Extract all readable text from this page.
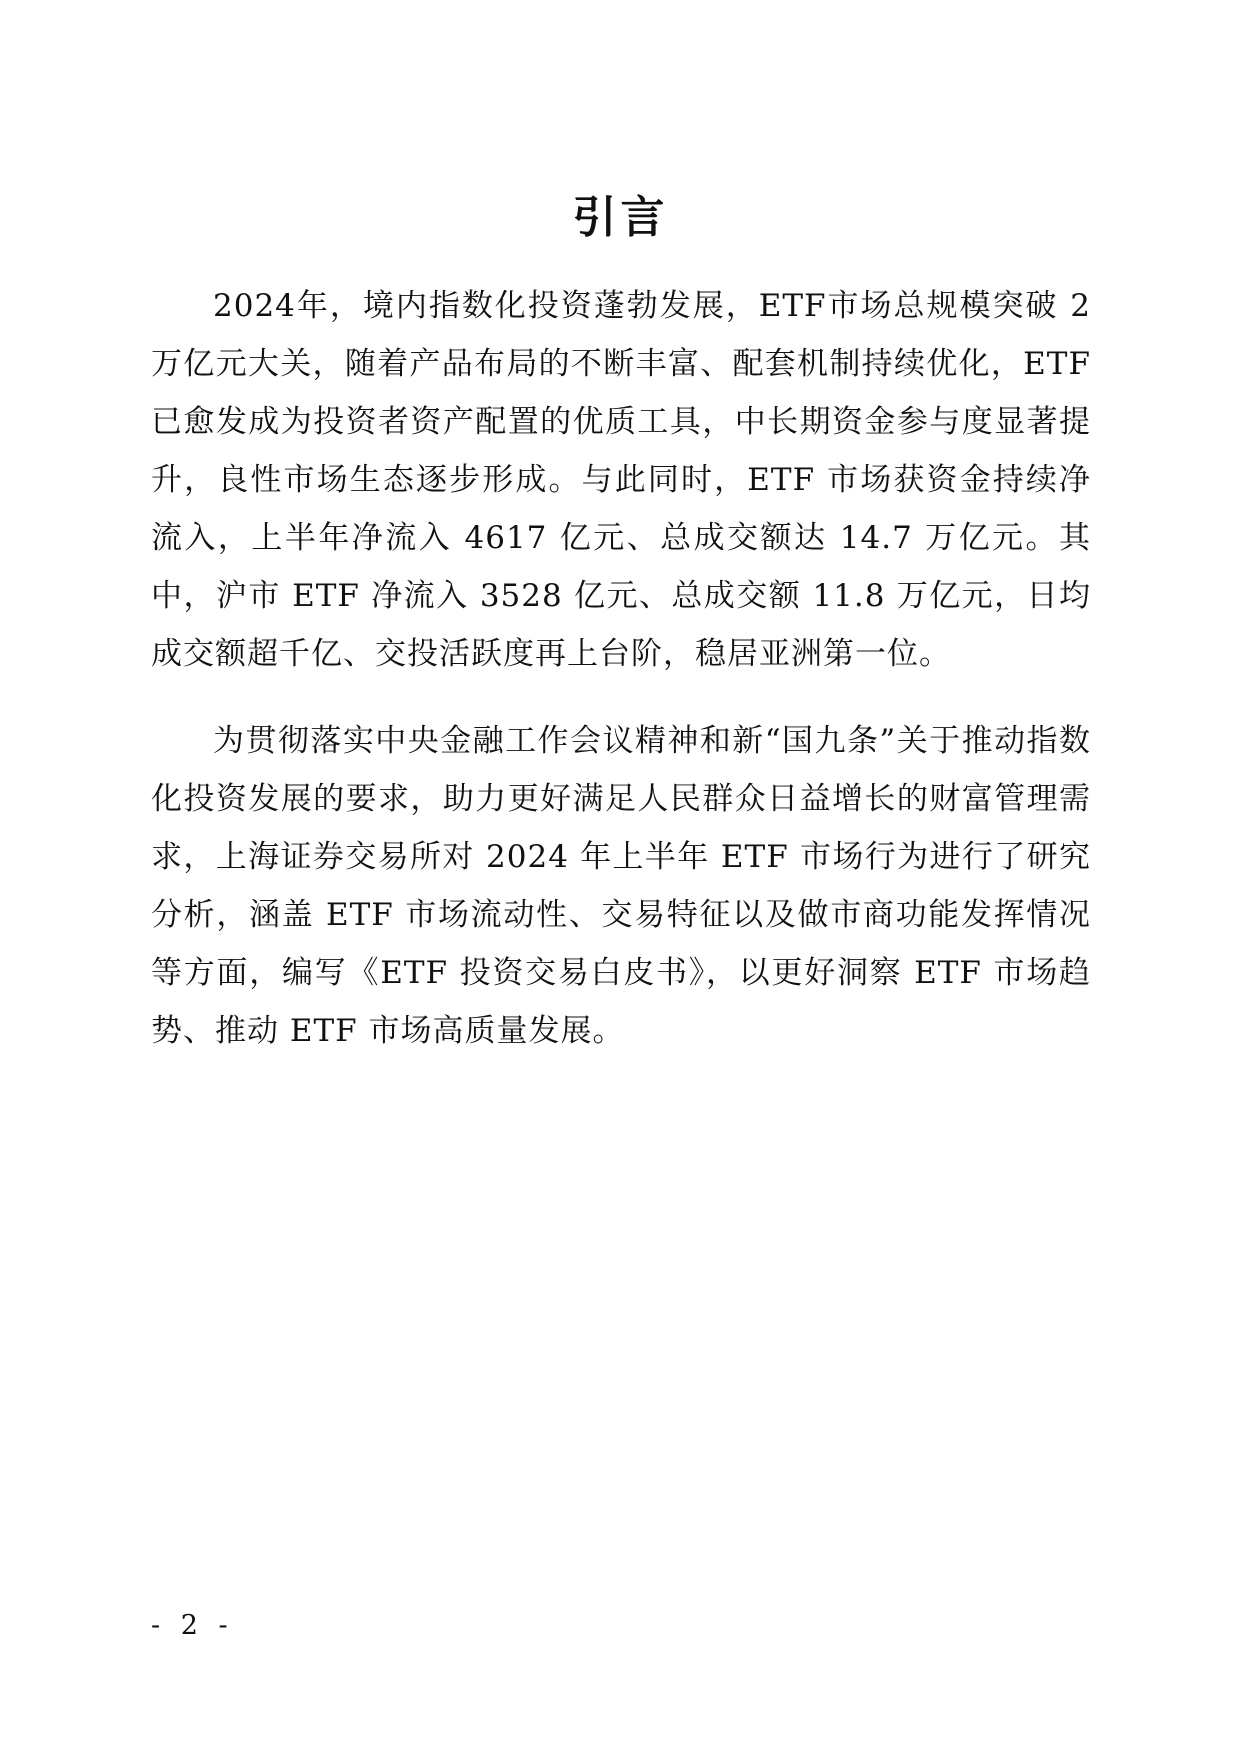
引言

2024年，境内指数化投资蓬勃发展，ETF市场总规模突破 2 万亿元大关，随着产品布局的不断丰富、配套机制持续优化，ETF 已愈发成为投资者资产配置的优质工具，中长期资金参与度显著提升，良性市场生态逐步形成。与此同时，ETF 市场获资金持续净流入，上半年净流入 4617 亿元、总成交额达 14.7 万亿元。其中，沪市 ETF 净流入 3528 亿元、总成交额 11.8 万亿元，日均成交额超千亿、交投活跃度再上台阶，稳居亚洲第一位。

为贯彻落实中央金融工作会议精神和新“国九条”关于推动指数化投资发展的要求，助力更好满足人民群众日益增长的财富管理需求，上海证券交易所对 2024 年上半年 ETF 市场行为进行了研究分析，涵盖 ETF 市场流动性、交易特征以及做市商功能发挥情况等方面，编写《ETF 投资交易白皮书》，以更好洞察 ETF 市场趋势、推动 ETF 市场高质量发展。

- 2 -
